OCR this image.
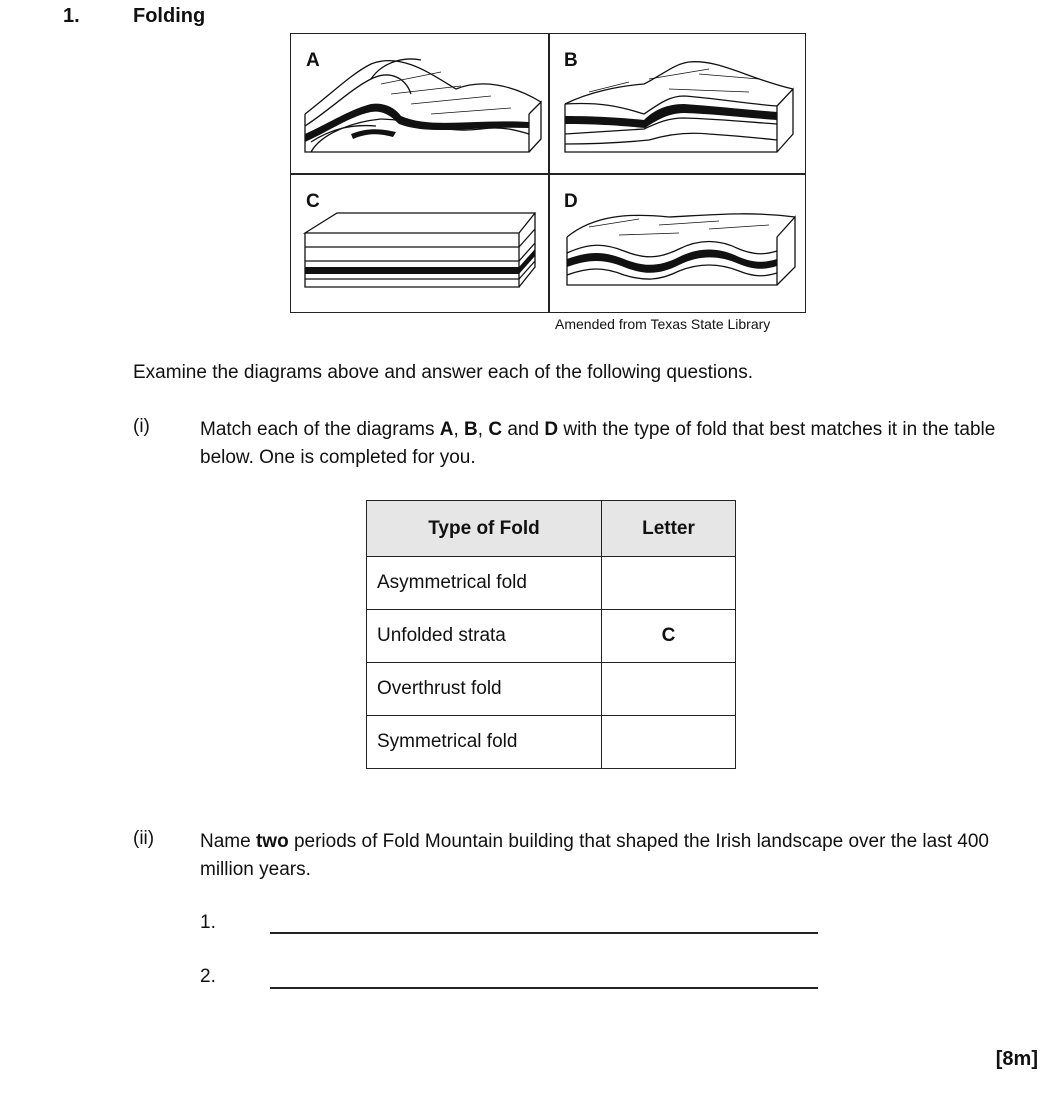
1.	Folding
A	B
C	D
Amended from Texas State Library
Examine the diagrams above and answer each of the following questions.
(i)	Match each of the diagrams A, B, C and D with the type of fold that best matches it in the table below. One is completed for you.
Type of Fold	Letter
Asymmetrical fold	
Unfolded strata	C
Overthrust fold	
Symmetrical fold	
(ii) Name two periods of Fold Mountain building that shaped the Irish landscape over the last 400 million years.
1.
2.
[8m]
